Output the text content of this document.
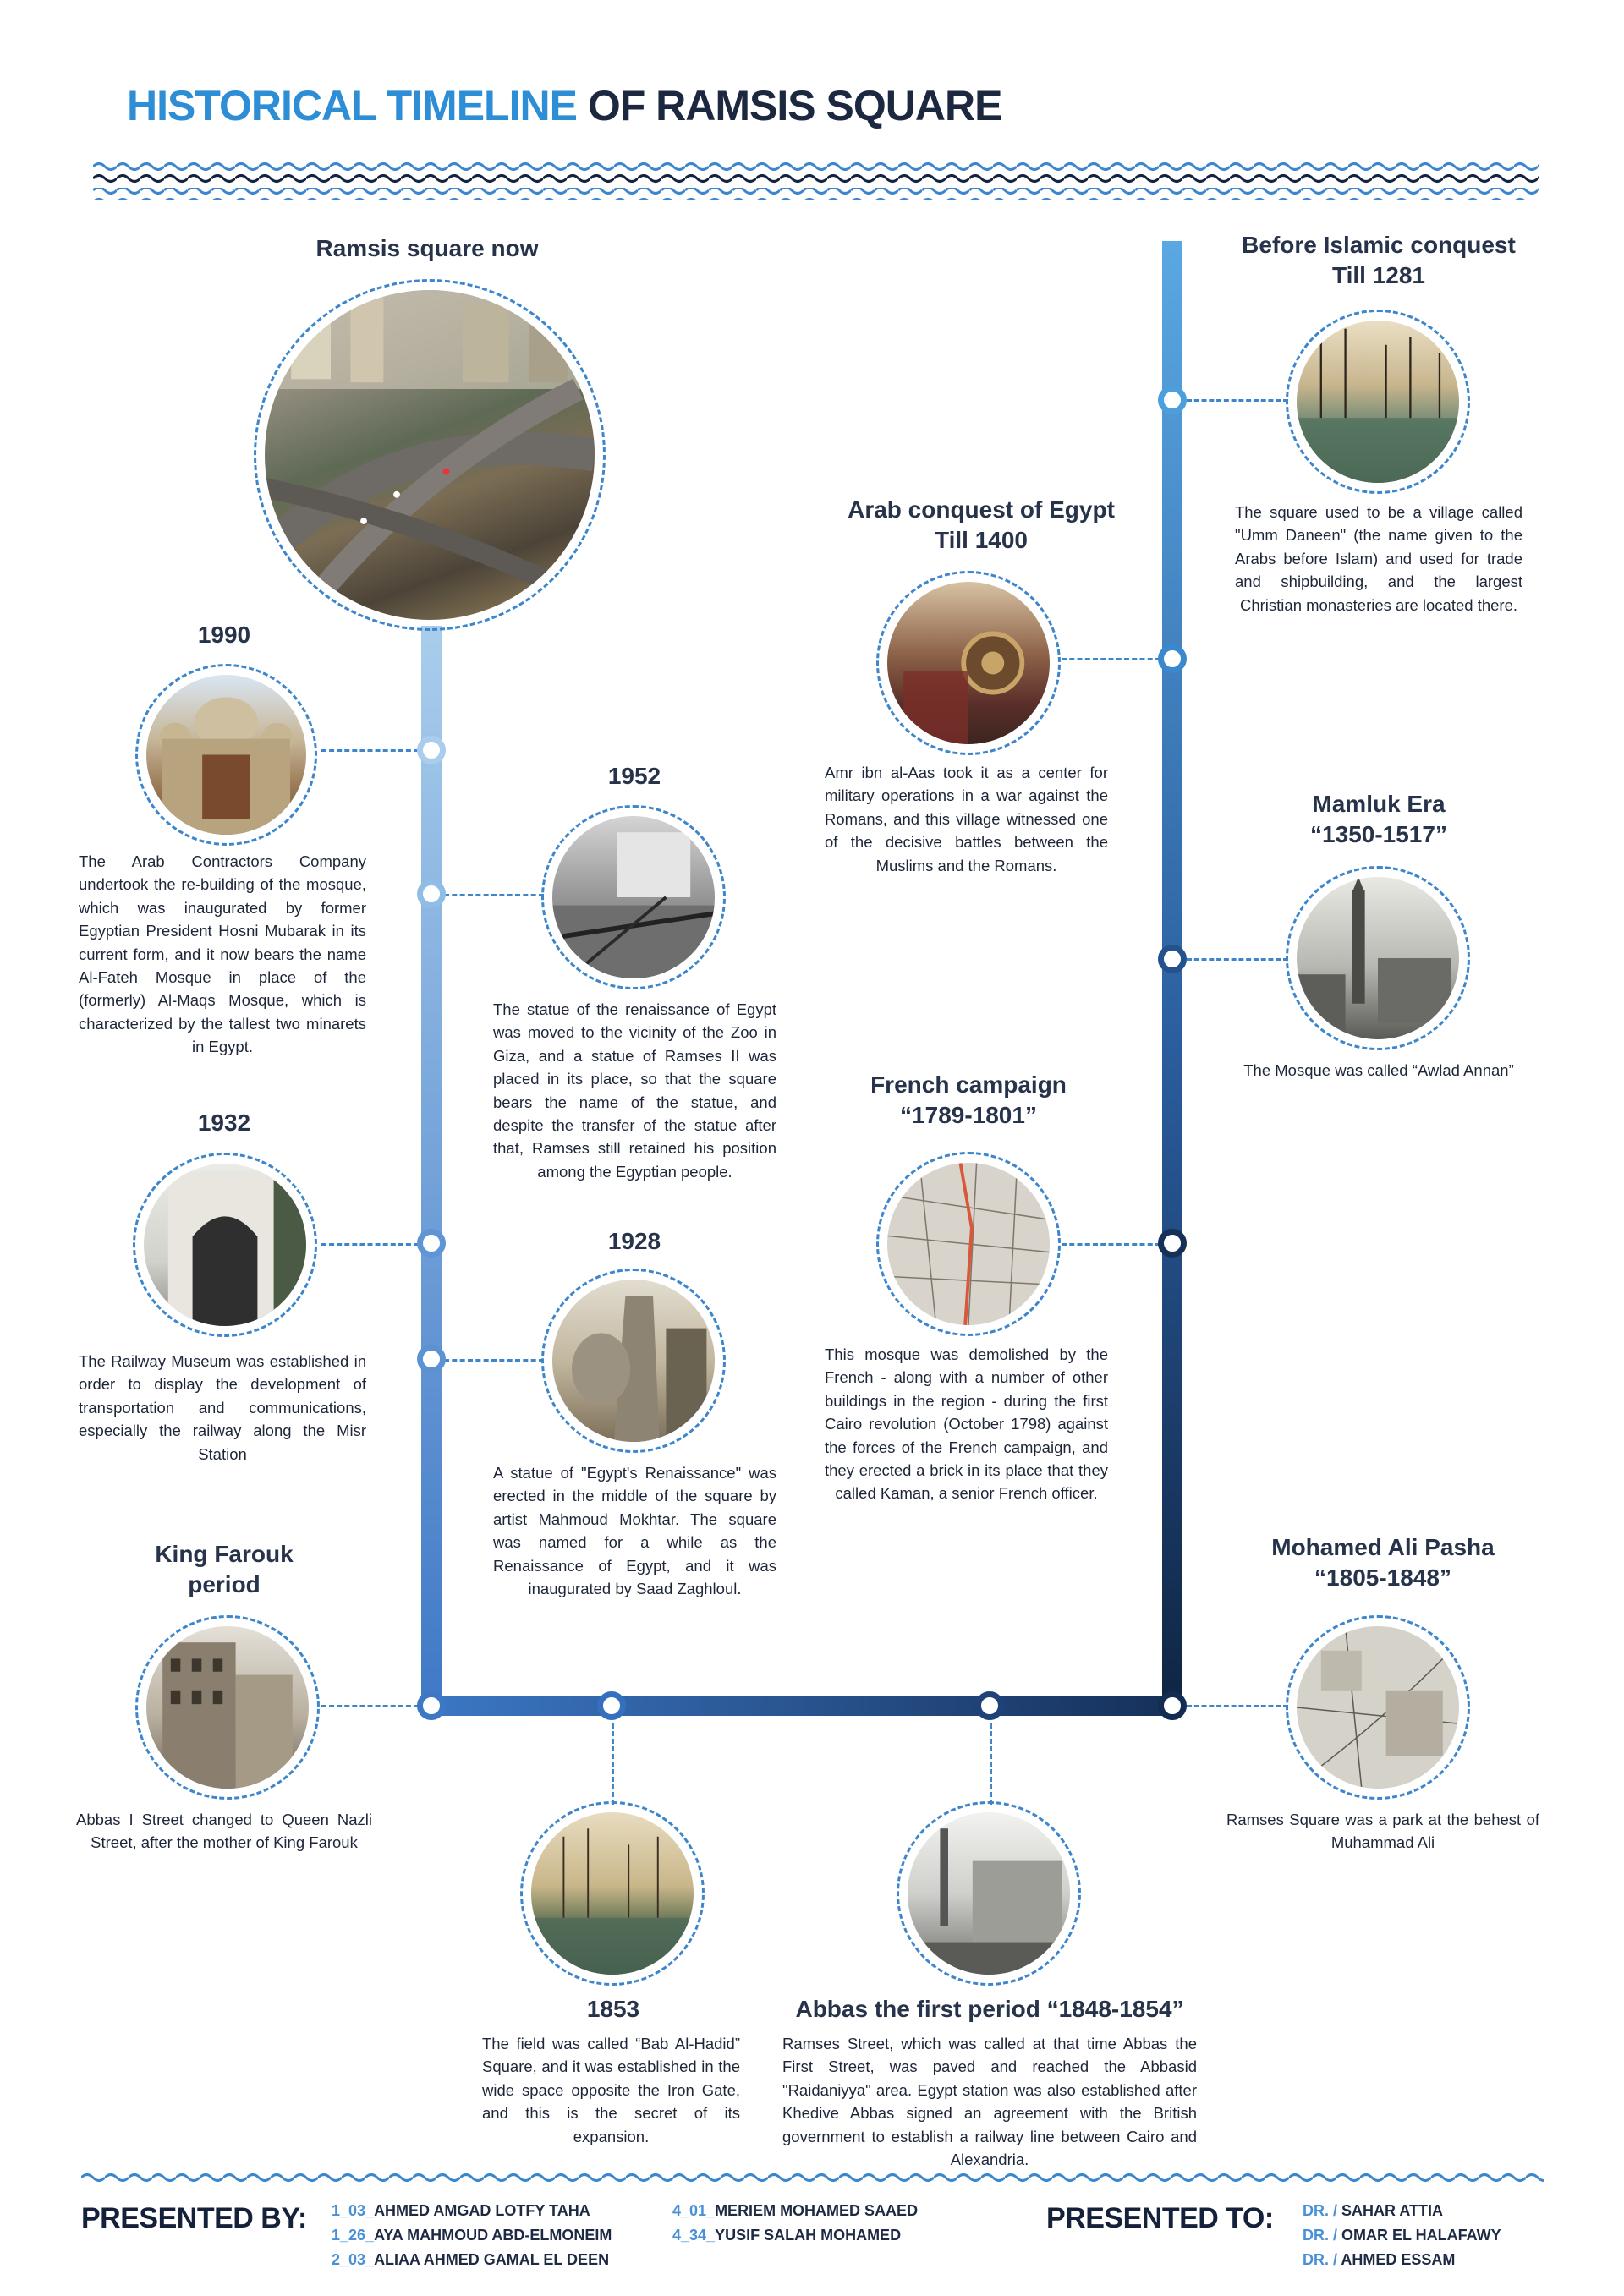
HISTORICAL TIMELINE OF RAMSIS SQUARE
Ramsis square now
1990
The Arab Contractors Company undertook the re-building of the mosque, which was inaugurated by former Egyptian President Hosni Mubarak in its current form, and it now bears the name Al-Fateh Mosque in place of the (formerly) Al-Maqs Mosque, which is characterized by the tallest two minarets in Egypt.
1952
The statue of the renaissance of Egypt was moved to the vicinity of the Zoo in Giza, and a statue of Ramses II was placed in its place, so that the square bears the name of the statue, and despite the transfer of the statue after that, Ramses still retained his position among the Egyptian people.
1932
The Railway Museum was established in order to display the development of transportation and communications, especially the railway along the Misr Station
1928
A statue of "Egypt's Renaissance" was erected in the middle of the square by artist Mahmoud Mokhtar. The square was named for a while as the Renaissance of Egypt, and it was inaugurated by Saad Zaghloul.
King Farouk
period
Abbas I Street changed to Queen Nazli Street, after the mother of King Farouk
1853
The field was called “Bab Al-Hadid” Square, and it was established in the wide space opposite the Iron Gate, and this is the secret of its expansion.
Abbas the first period “1848-1854”
Ramses Street, which was called at that time Abbas the First Street, was paved and reached the Abbasid "Raidaniyya" area. Egypt station was also established after Khedive Abbas signed an agreement with the British government to establish a railway line between Cairo and Alexandria.
Before Islamic conquest
Till 1281
The square used to be a village called "Umm Daneen" (the name given to the Arabs before Islam) and used for trade and shipbuilding, and the largest Christian monasteries are located there.
Arab conquest of Egypt
Till 1400
Amr ibn al-Aas took it as a center for military operations in a war against the Romans, and this village witnessed one of the decisive battles between the Muslims and the Romans.
Mamluk Era
“1350-1517”
The Mosque was called “Awlad Annan”
French campaign
“1789-1801”
This mosque was demolished by the French - along with a number of other buildings in the region - during the first Cairo revolution (October 1798) against the forces of the French campaign, and they erected a brick in its place that they called Kaman, a senior French officer.
Mohamed Ali Pasha
“1805-1848”
Ramses Square was a park at the behest of Muhammad Ali
PRESENTED BY: 1_03_AHMED AMGAD LOTFY TAHA
1_26_AYA MAHMOUD ABD-ELMONEIM
2_03_ALIAA AHMED GAMAL EL DEEN
4_01_MERIEM MOHAMED SAAED
4_34_YUSIF SALAH MOHAMED
PRESENTED TO: DR. / SAHAR ATTIA
DR. / OMAR EL HALAFAWY
DR. / AHMED ESSAM
